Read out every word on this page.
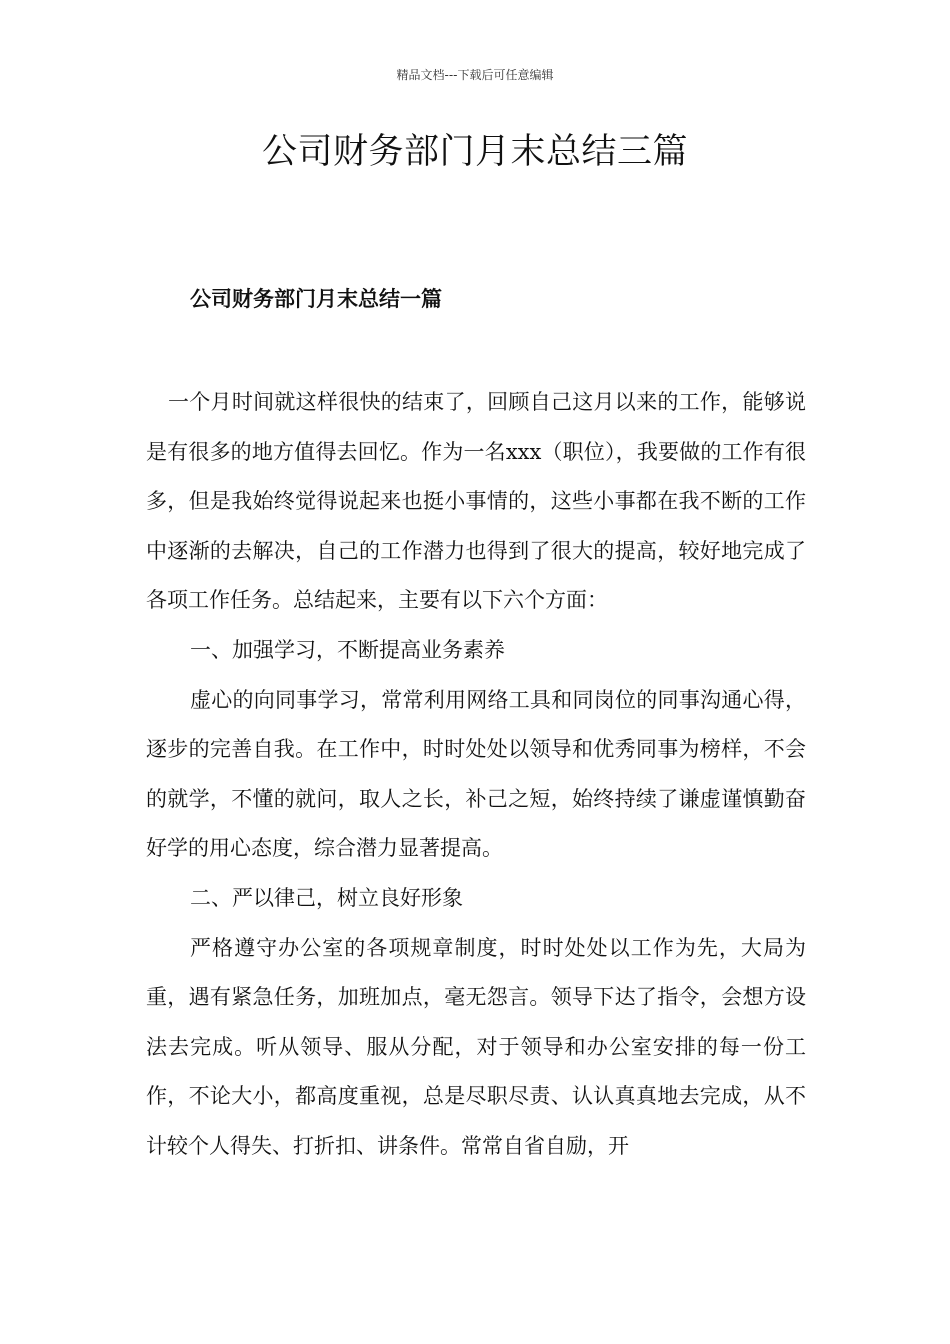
精品文档---下载后可任意编辑
公司财务部门月末总结三篇
公司财务部门月末总结一篇

一个月时间就这样很快的结束了，回顾自己这月以来的工作，能够说是有很多的地方值得去回忆。作为一名xxx（职位），我要做的工作有很多，但是我始终觉得说起来也挺小事情的，这些小事都在我不断的工作中逐渐的去解决，自己的工作潜力也得到了很大的提高，较好地完成了各项工作任务。总结起来，主要有以下六个方面：

一、加强学习，不断提高业务素养

虚心的向同事学习，常常利用网络工具和同岗位的同事沟通心得，逐步的完善自我。在工作中，时时处处以领导和优秀同事为榜样，不会的就学，不懂的就问，取人之长，补己之短，始终持续了谦虚谨慎勤奋好学的用心态度，综合潜力显著提高。

二、严以律己，树立良好形象

严格遵守办公室的各项规章制度，时时处处以工作为先，大局为重，遇有紧急任务，加班加点，毫无怨言。领导下达了指令，会想方设法去完成。听从领导、服从分配，对于领导和办公室安排的每一份工作，不论大小，都高度重视，总是尽职尽责、认认真真地去完成，从不计较个人得失、打折扣、讲条件。常常自省自励，开
